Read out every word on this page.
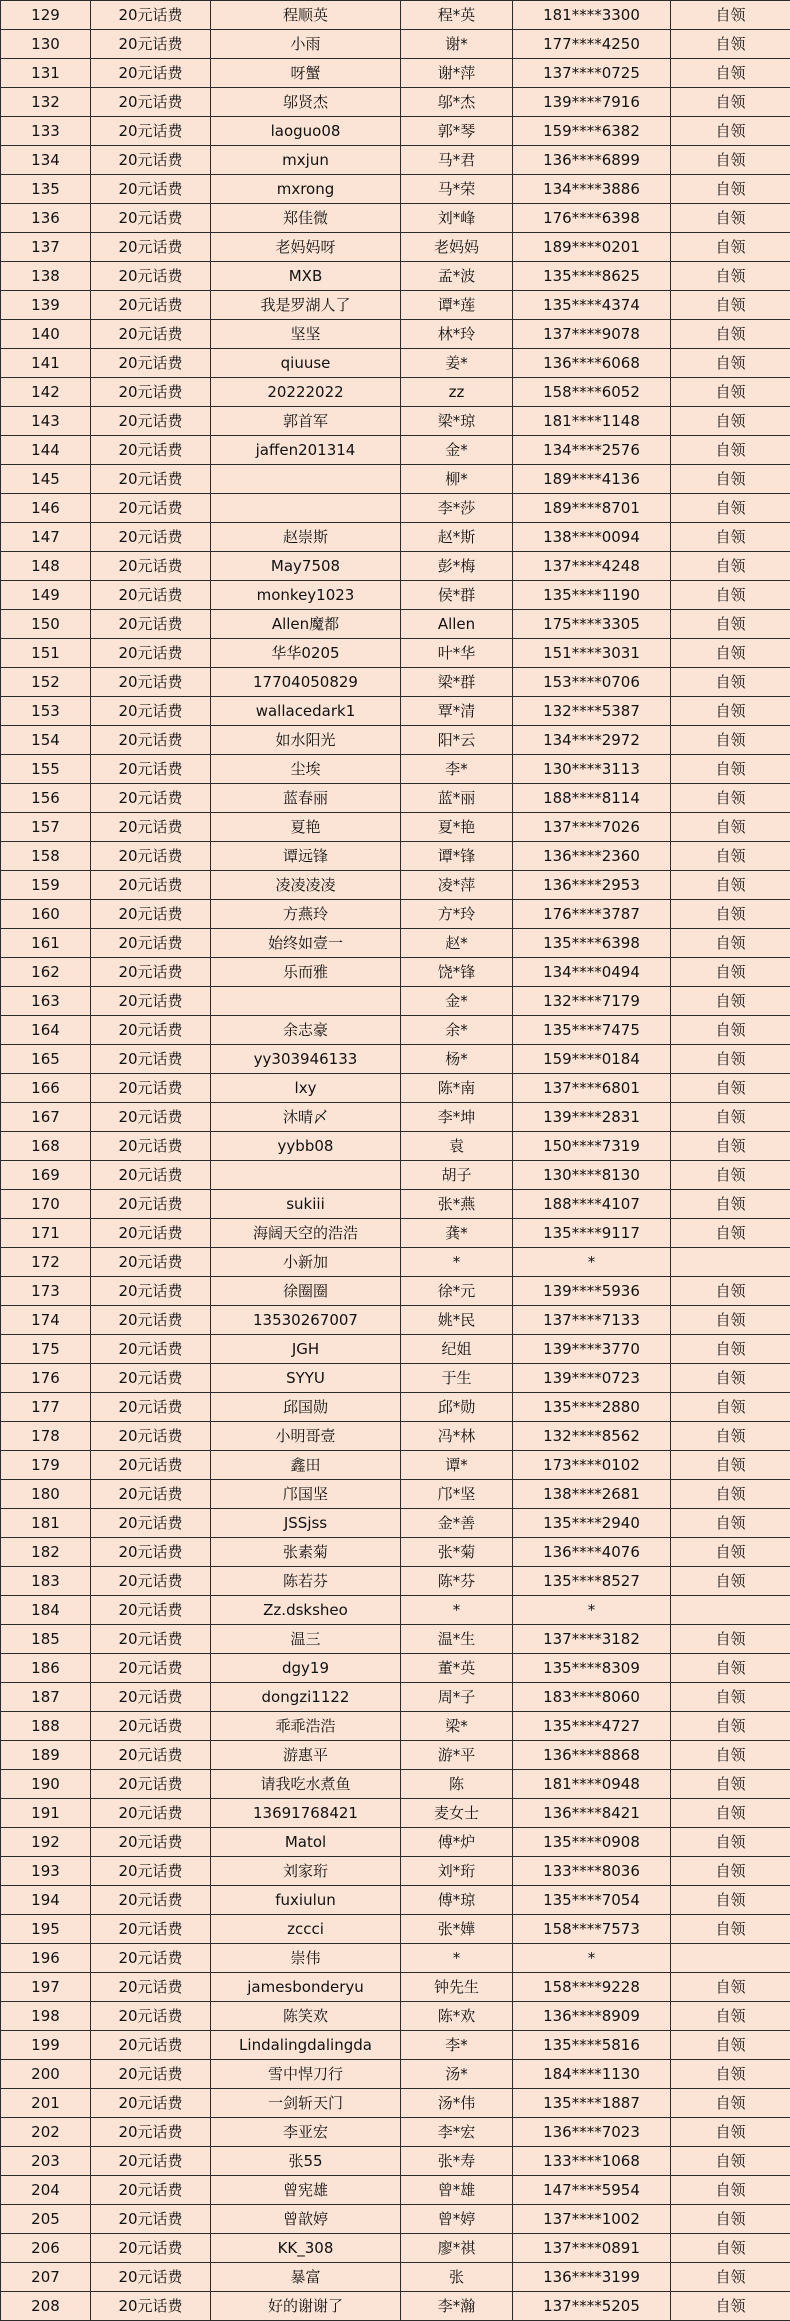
129	20元话费	程顺英	程*英	181****3300	自领
130	20元话费	小雨	谢*	177****4250	自领
131	20元话费	呀蟹	谢*萍	137****0725	自领
132	20元话费	邬贤杰	邬*杰	139****7916	自领
133	20元话费	laoguo08	郭*琴	159****6382	自领
134	20元话费	mxjun	马*君	136****6899	自领
135	20元话费	mxrong	马*荣	134****3886	自领
136	20元话费	郑佳微	刘*峰	176****6398	自领
137	20元话费	老妈妈呀	老妈妈	189****0201	自领
138	20元话费	MXB	孟*波	135****8625	自领
139	20元话费	我是罗湖人了	谭*莲	135****4374	自领
140	20元话费	坚坚	林*玲	137****9078	自领
141	20元话费	qiuuse	姜*	136****6068	自领
142	20元话费	20222022	zz	158****6052	自领
143	20元话费	郭首军	梁*琼	181****1148	自领
144	20元话费	jaffen201314	金*	134****2576	自领
145	20元话费		柳*	189****4136	自领
146	20元话费		李*莎	189****8701	自领
147	20元话费	赵崇斯	赵*斯	138****0094	自领
148	20元话费	May7508	彭*梅	137****4248	自领
149	20元话费	monkey1023	侯*群	135****1190	自领
150	20元话费	Allen魔都	Allen	175****3305	自领
151	20元话费	华华0205	叶*华	151****3031	自领
152	20元话费	17704050829	梁*群	153****0706	自领
153	20元话费	wallacedark1	覃*清	132****5387	自领
154	20元话费	如水阳光	阳*云	134****2972	自领
155	20元话费	尘埃	李*	130****3113	自领
156	20元话费	蓝春丽	蓝*丽	188****8114	自领
157	20元话费	夏艳	夏*艳	137****7026	自领
158	20元话费	谭远锋	谭*锋	136****2360	自领
159	20元话费	凌凌凌凌	凌*萍	136****2953	自领
160	20元话费	方燕玲	方*玲	176****3787	自领
161	20元话费	始终如壹一	赵*	135****6398	自领
162	20元话费	乐而雅	饶*锋	134****0494	自领
163	20元话费		金*	132****7179	自领
164	20元话费	余志豪	余*	135****7475	自领
165	20元话费	yy303946133	杨*	159****0184	自领
166	20元话费	lxy	陈*南	137****6801	自领
167	20元话费	沐晴〆	李*坤	139****2831	自领
168	20元话费	yybb08	袁	150****7319	自领
169	20元话费		胡子	130****8130	自领
170	20元话费	sukiii	张*燕	188****4107	自领
171	20元话费	海阔天空的浩浩	龚*	135****9117	自领
172	20元话费	小新加	*	*	
173	20元话费	徐圈圈	徐*元	139****5936	自领
174	20元话费	13530267007	姚*民	137****7133	自领
175	20元话费	JGH	纪姐	139****3770	自领
176	20元话费	SYYU	于生	139****0723	自领
177	20元话费	邱国勋	邱*勋	135****2880	自领
178	20元话费	小明哥壹	冯*林	132****8562	自领
179	20元话费	鑫田	谭*	173****0102	自领
180	20元话费	邝国坚	邝*坚	138****2681	自领
181	20元话费	JSSjss	金*善	135****2940	自领
182	20元话费	张素菊	张*菊	136****4076	自领
183	20元话费	陈若芬	陈*芬	135****8527	自领
184	20元话费	Zz.dsksheo	*	*	
185	20元话费	温三	温*生	137****3182	自领
186	20元话费	dgy19	董*英	135****8309	自领
187	20元话费	dongzi1122	周*子	183****8060	自领
188	20元话费	乖乖浩浩	梁*	135****4727	自领
189	20元话费	游惠平	游*平	136****8868	自领
190	20元话费	请我吃水煮鱼	陈	181****0948	自领
191	20元话费	13691768421	麦女士	136****8421	自领
192	20元话费	Matol	傅*炉	135****0908	自领
193	20元话费	刘家珩	刘*珩	133****8036	自领
194	20元话费	fuxiulun	傅*琼	135****7054	自领
195	20元话费	zccci	张*嬅	158****7573	自领
196	20元话费	崇伟	*	*	
197	20元话费	jamesbonderyu	钟先生	158****9228	自领
198	20元话费	陈笑欢	陈*欢	136****8909	自领
199	20元话费	Lindalingdalingda	李*	135****5816	自领
200	20元话费	雪中悍刀行	汤*	184****1130	自领
201	20元话费	一剑斩天门	汤*伟	135****1887	自领
202	20元话费	李亚宏	李*宏	136****7023	自领
203	20元话费	张55	张*寿	133****1068	自领
204	20元话费	曾宪雄	曾*雄	147****5954	自领
205	20元话费	曾歆婷	曾*婷	137****1002	自领
206	20元话费	KK_308	廖*祺	137****0891	自领
207	20元话费	暴富	张	136****3199	自领
208	20元话费	好的谢谢了	李*瀚	137****5205	自领
